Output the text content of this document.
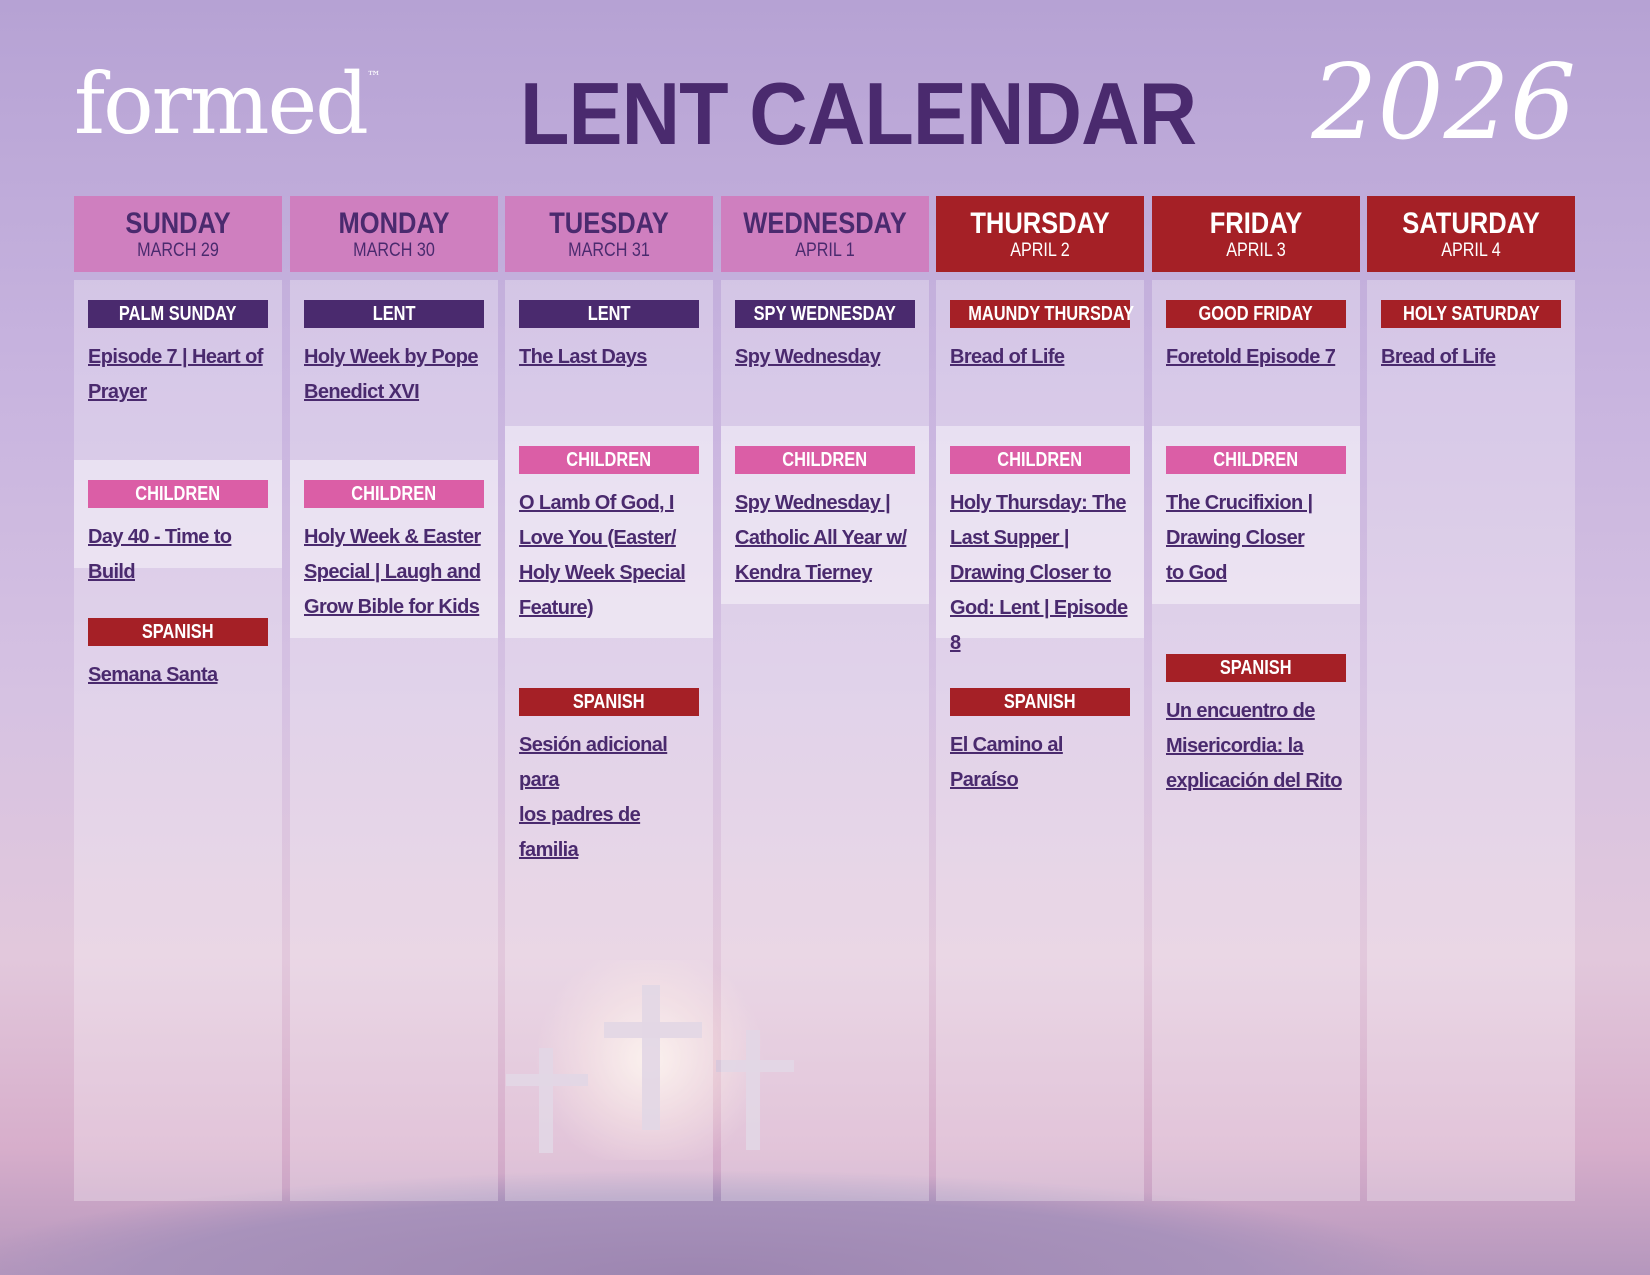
formed™ LENT CALENDAR 2026
SUNDAY
MARCH 29
PALM SUNDAY
Episode 7 | Heart of
Prayer
CHILDREN
Day 40 - Time to Build
SPANISH
Semana Santa
MONDAY
MARCH 30
LENT
Holy Week by Pope
Benedict XVI
CHILDREN
Holy Week & Easter
Special | Laugh and
Grow Bible for Kids
TUESDAY
MARCH 31
LENT
The Last Days
CHILDREN
O Lamb Of God, I
Love You (Easter/
Holy Week Special
Feature)
SPANISH
Sesión adicional para
los padres de familia
WEDNESDAY
APRIL 1
SPY WEDNESDAY
Spy Wednesday
CHILDREN
Spy Wednesday |
Catholic All Year w/
Kendra Tierney
THURSDAY
APRIL 2
MAUNDY THURSDAY
Bread of Life
CHILDREN
Holy Thursday: The
Last Supper |
Drawing Closer to
God: Lent | Episode 8
SPANISH
El Camino al Paraíso
FRIDAY
APRIL 3
GOOD FRIDAY
Foretold Episode 7
CHILDREN
The Crucifixion |
Drawing Closer
to God
SPANISH
Un encuentro de
Misericordia: la
explicación del Rito
SATURDAY
APRIL 4
HOLY SATURDAY
Bread of Life
